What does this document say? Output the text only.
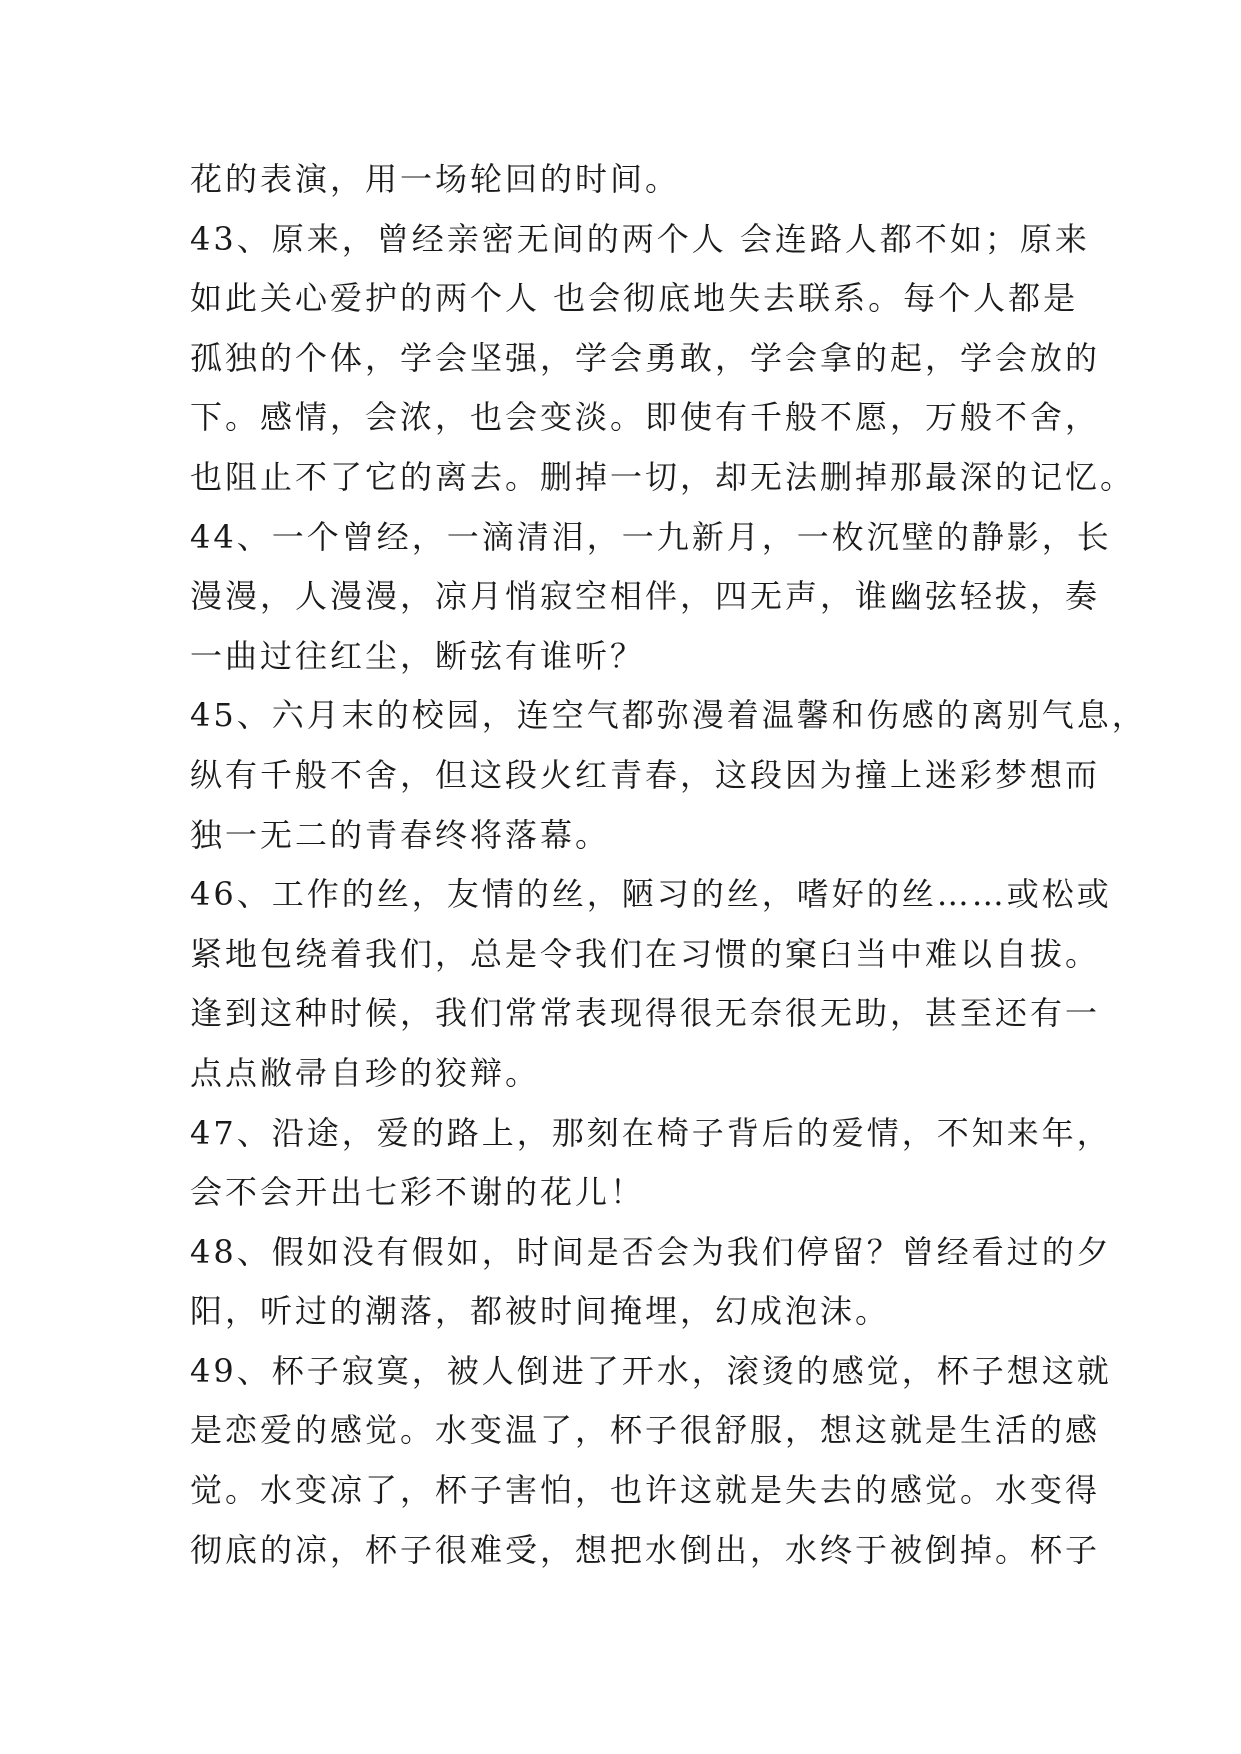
花的表演，用一场轮回的时间。
43、原来，曾经亲密无间的两个人 会连路人都不如；原来
如此关心爱护的两个人 也会彻底地失去联系。每个人都是
孤独的个体，学会坚强，学会勇敢，学会拿的起，学会放的
下。感情，会浓，也会变淡。即使有千般不愿，万般不舍，
也阻止不了它的离去。删掉一切，却无法删掉那最深的记忆。
44、一个曾经，一滴清泪，一九新月，一枚沉壁的静影，长
漫漫，人漫漫，凉月悄寂空相伴，四无声，谁幽弦轻拔，奏
一曲过往红尘，断弦有谁听？
45、六月末的校园，连空气都弥漫着温馨和伤感的离别气息，
纵有千般不舍，但这段火红青春，这段因为撞上迷彩梦想而
独一无二的青春终将落幕。
46、工作的丝，友情的丝，陋习的丝，嗜好的丝……或松或
紧地包绕着我们，总是令我们在习惯的窠臼当中难以自拔。
逢到这种时候，我们常常表现得很无奈很无助，甚至还有一
点点敝帚自珍的狡辩。
47、沿途，爱的路上，那刻在椅子背后的爱情，不知来年，
会不会开出七彩不谢的花儿！
48、假如没有假如，时间是否会为我们停留？曾经看过的夕
阳，听过的潮落，都被时间掩埋，幻成泡沫。
49、杯子寂寞，被人倒进了开水，滚烫的感觉，杯子想这就
是恋爱的感觉。水变温了，杯子很舒服，想这就是生活的感
觉。水变凉了，杯子害怕，也许这就是失去的感觉。水变得
彻底的凉，杯子很难受，想把水倒出，水终于被倒掉。杯子
